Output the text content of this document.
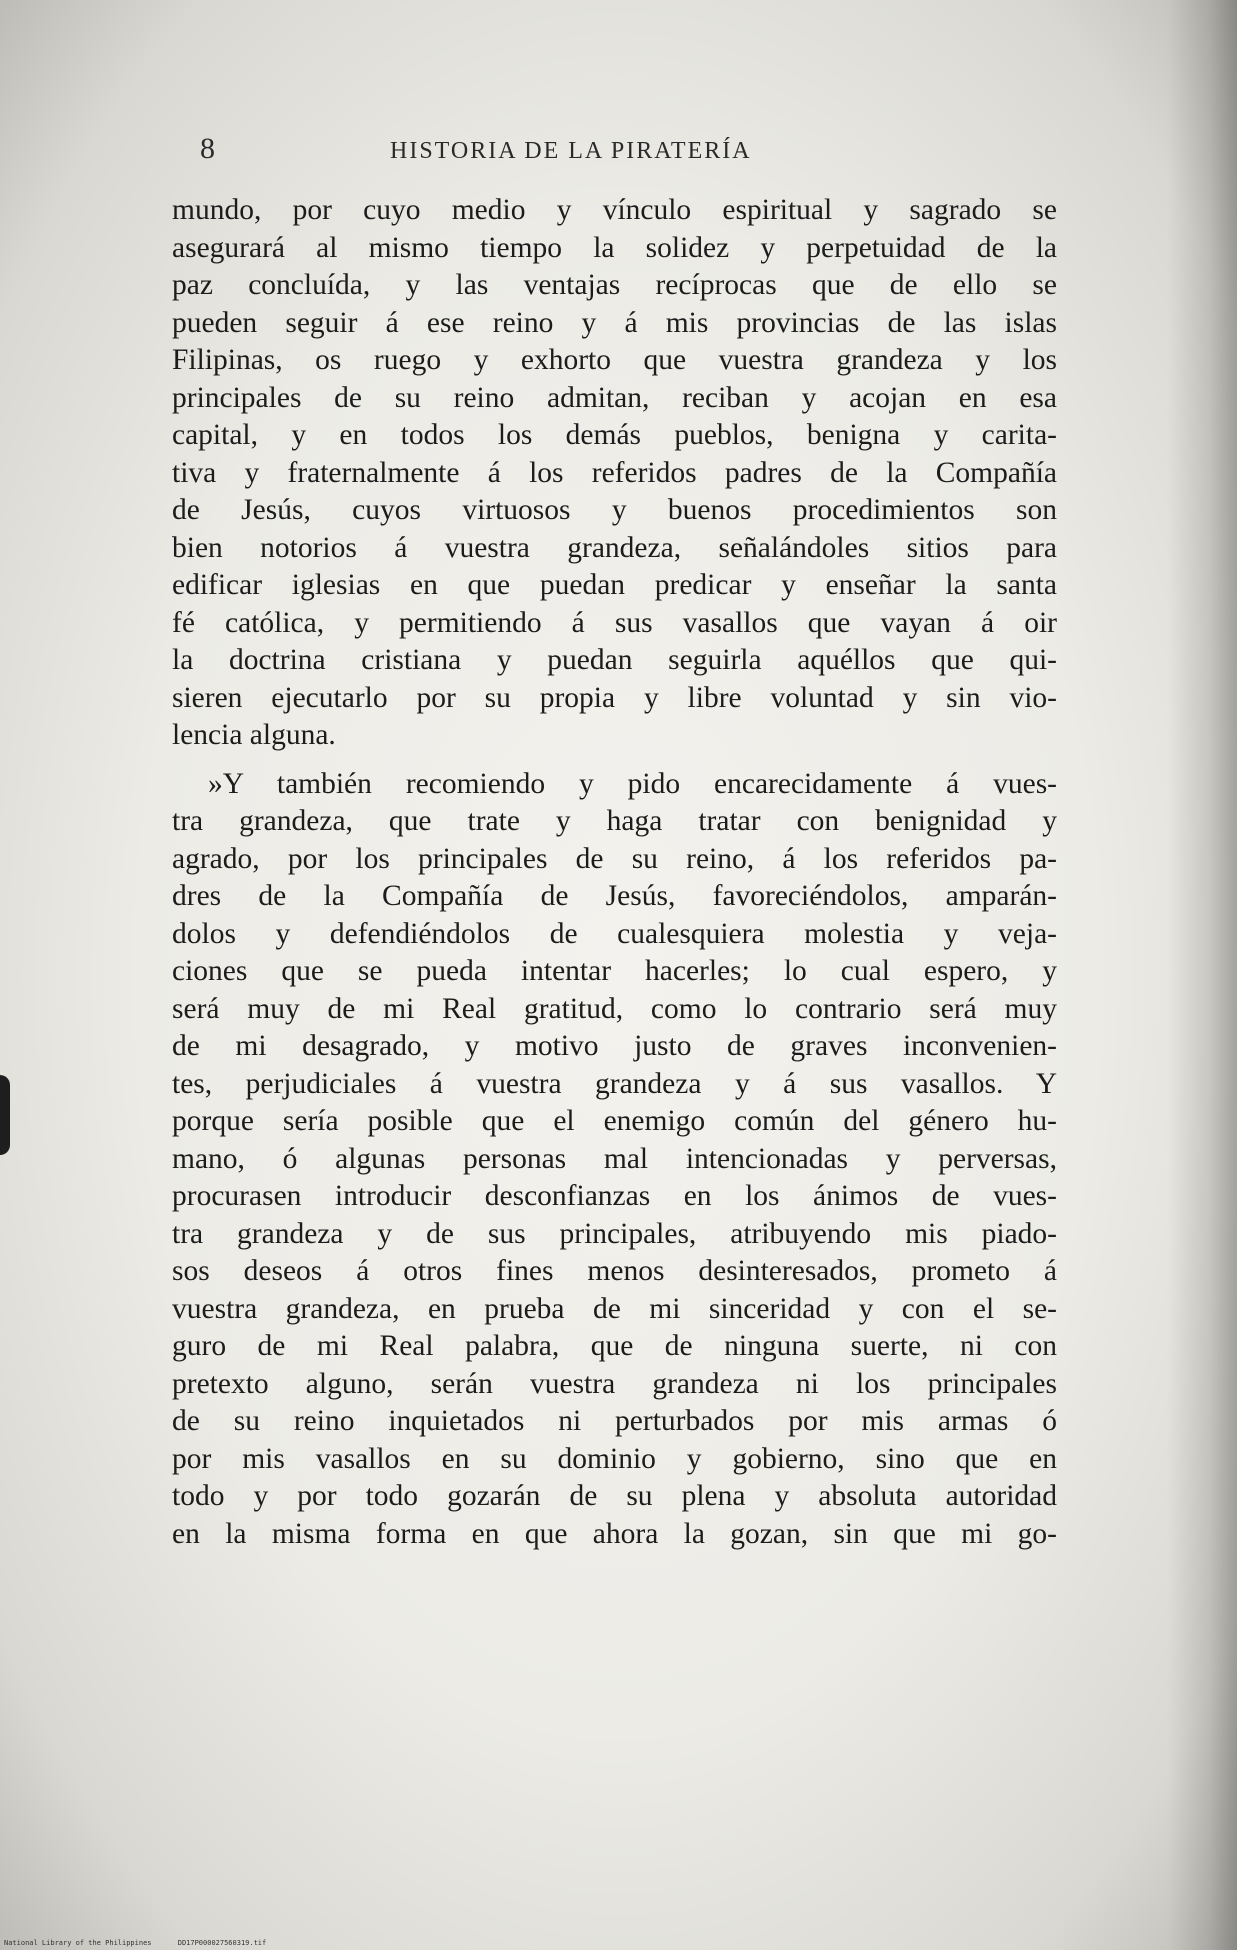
8	HISTORIA DE LA PIRATERÍA
mundo, por cuyo medio y vínculo espiritual y sagrado se
asegurará al mismo tiempo la solidez y perpetuidad de la
paz concluída, y las ventajas recíprocas que de ello se
pueden seguir á ese reino y á mis provincias de las islas
Filipinas, os ruego y exhorto que vuestra grandeza y los
principales de su reino admitan, reciban y acojan en esa
capital, y en todos los demás pueblos, benigna y carita-
tiva y fraternalmente á los referidos padres de la Compañía
de Jesús, cuyos virtuosos y buenos procedimientos son
bien notorios á vuestra grandeza, señalándoles sitios para
edificar iglesias en que puedan predicar y enseñar la santa
fé católica, y permitiendo á sus vasallos que vayan á oir
la doctrina cristiana y puedan seguirla aquéllos que qui-
sieren ejecutarlo por su propia y libre voluntad y sin vio-
lencia alguna.
»Y también recomiendo y pido encarecidamente á vues-
tra grandeza, que trate y haga tratar con benignidad y
agrado, por los principales de su reino, á los referidos pa-
dres de la Compañía de Jesús, favoreciéndolos, amparán-
dolos y defendiéndolos de cualesquiera molestia y veja-
ciones que se pueda intentar hacerles; lo cual espero, y
será muy de mi Real gratitud, como lo contrario será muy
de mi desagrado, y motivo justo de graves inconvenien-
tes, perjudiciales á vuestra grandeza y á sus vasallos. Y
porque sería posible que el enemigo común del género hu-
mano, ó algunas personas mal intencionadas y perversas,
procurasen introducir desconfianzas en los ánimos de vues-
tra grandeza y de sus principales, atribuyendo mis piado-
sos deseos á otros fines menos desinteresados, prometo á
vuestra grandeza, en prueba de mi sinceridad y con el se-
guro de mi Real palabra, que de ninguna suerte, ni con
pretexto alguno, serán vuestra grandeza ni los principales
de su reino inquietados ni perturbados por mis armas ó
por mis vasallos en su dominio y gobierno, sino que en
todo y por todo gozarán de su plena y absoluta autoridad
en la misma forma en que ahora la gozan, sin que mi go-
National Library of the Philippines	DD17P000027560319.tif
